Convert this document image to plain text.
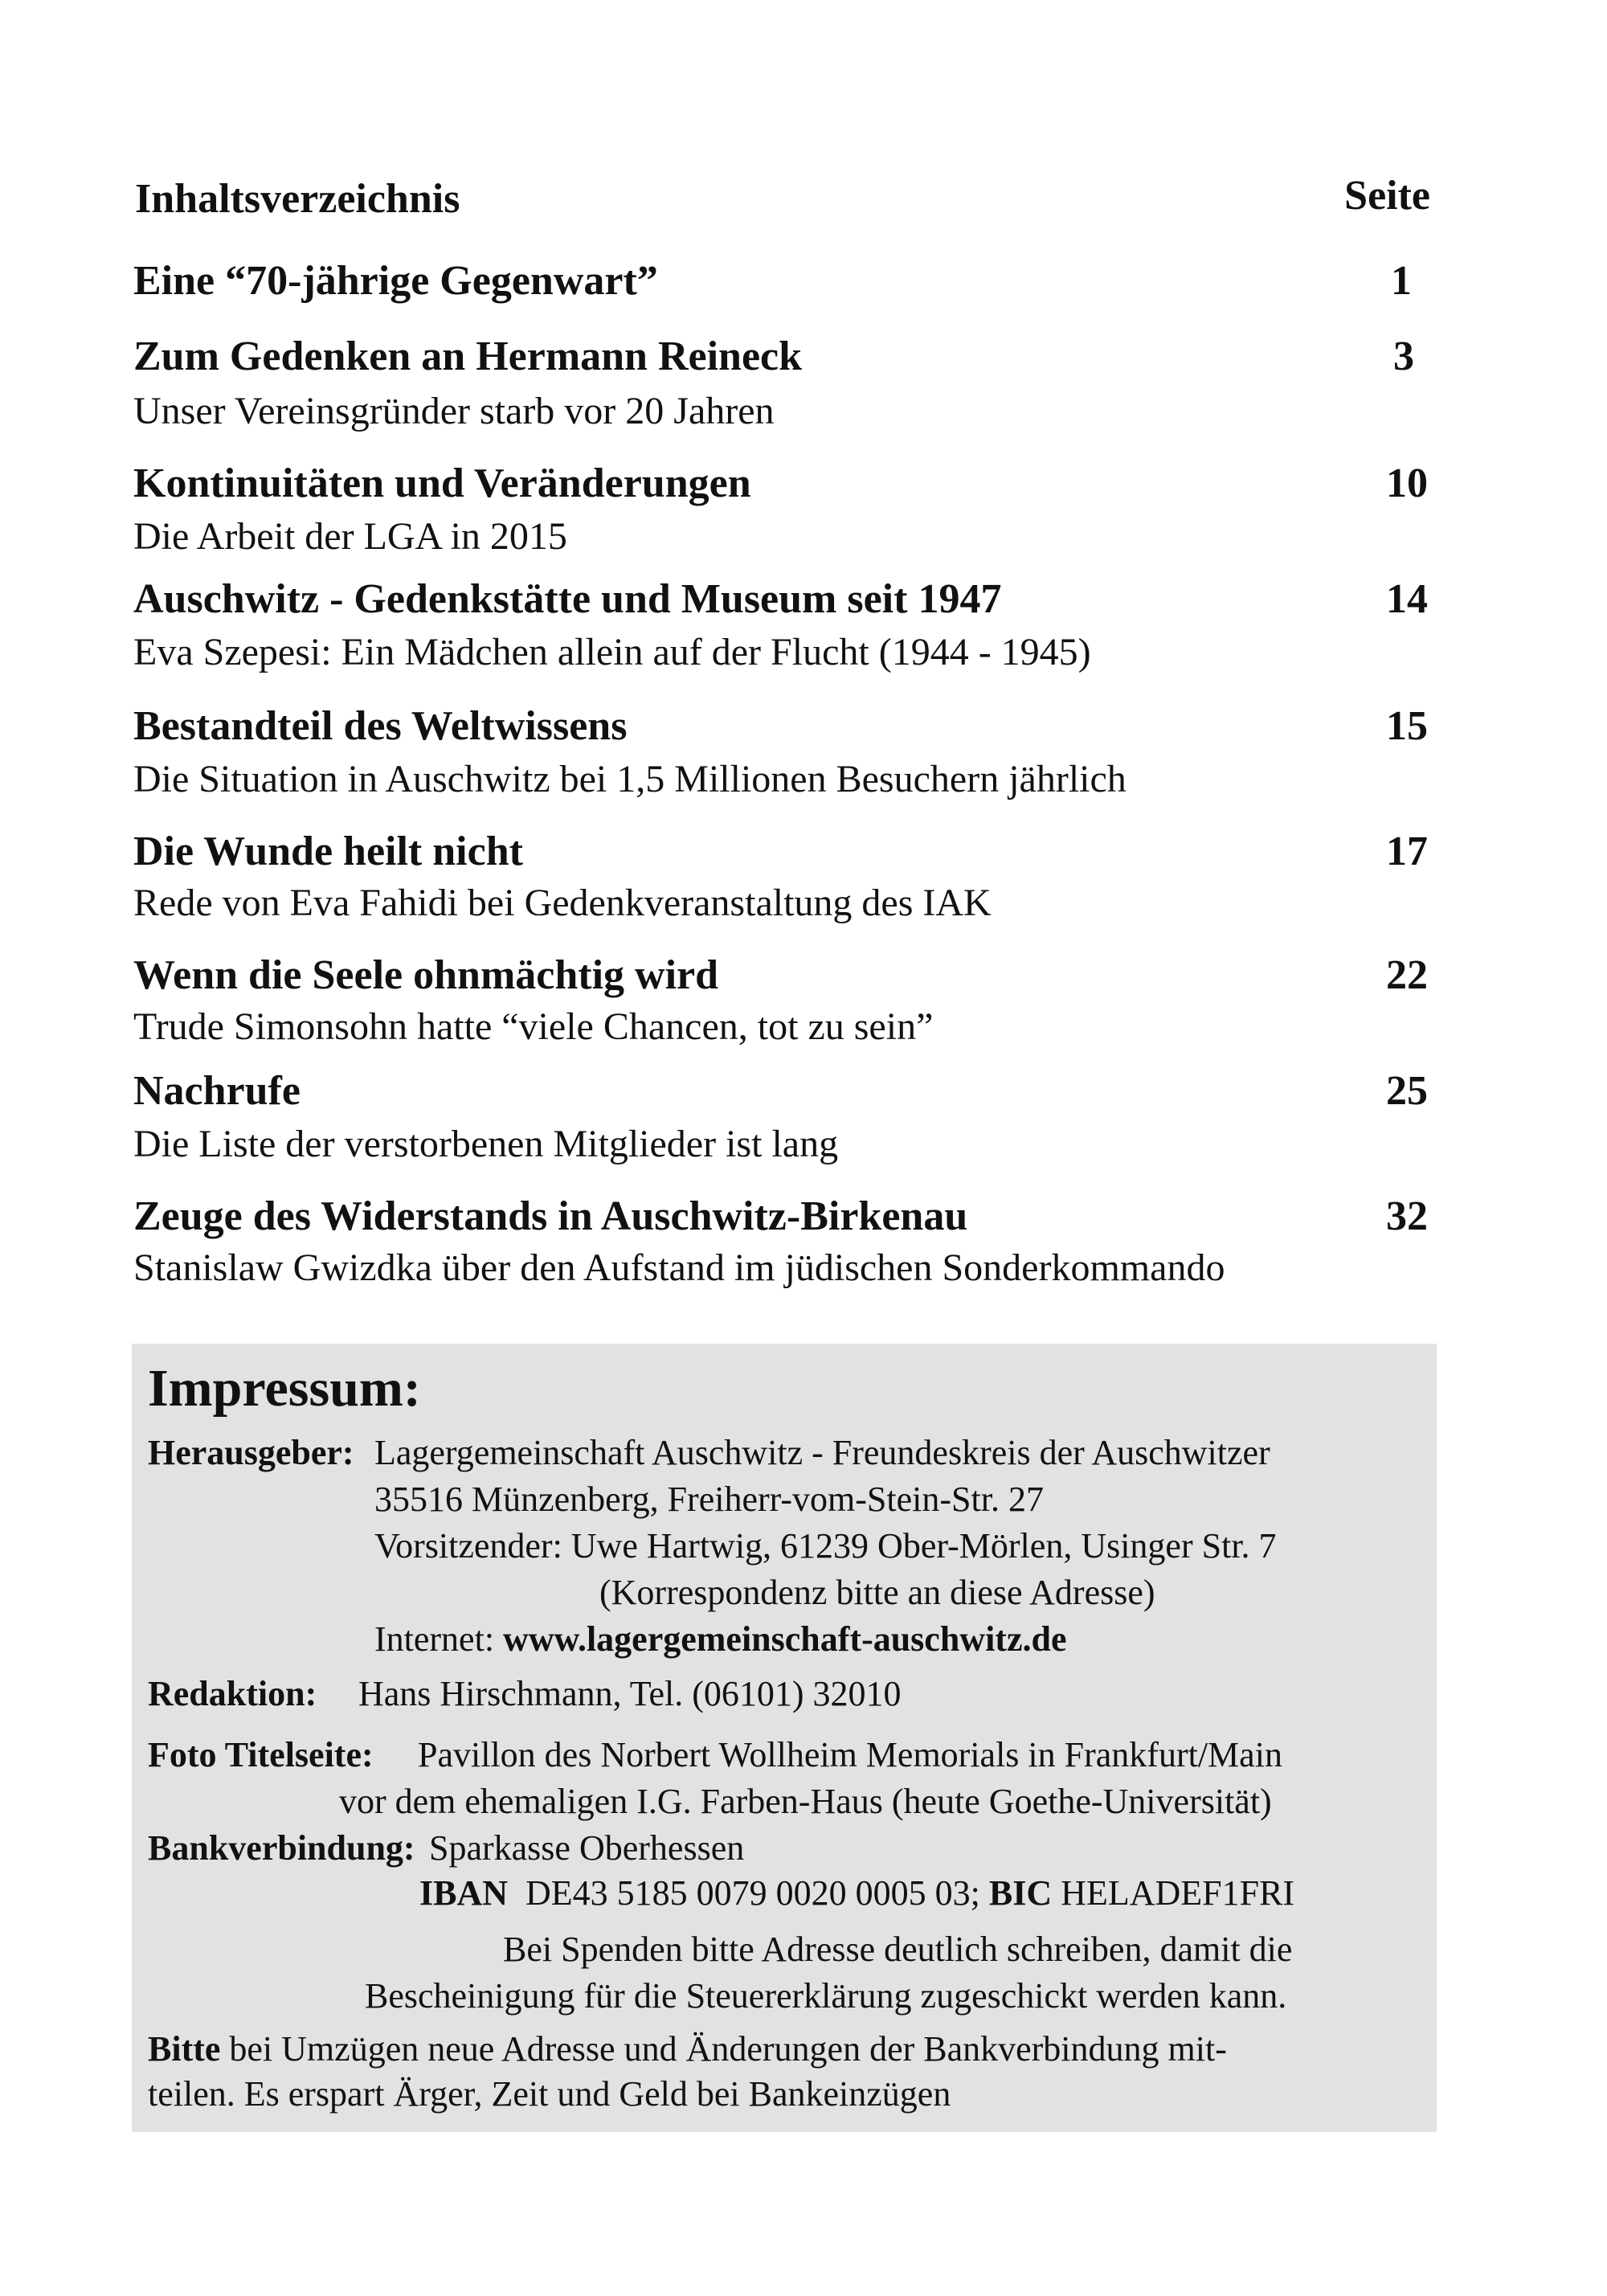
Inhaltsverzeichnis	Seite
Eine “70-jährige Gegenwart”	1
Zum Gedenken an Hermann Reineck	3
Unser Vereinsgründer starb vor 20 Jahren
Kontinuitäten und Veränderungen	10
Die Arbeit der LGA in 2015
Auschwitz - Gedenkstätte und Museum seit 1947	14
Eva Szepesi: Ein Mädchen allein auf der Flucht (1944 - 1945)
Bestandteil des Weltwissens	15
Die Situation in Auschwitz bei 1,5 Millionen Besuchern jährlich
Die Wunde heilt nicht	17
Rede von Eva Fahidi bei Gedenkveranstaltung des IAK
Wenn die Seele ohnmächtig wird	22
Trude Simonsohn hatte “viele Chancen, tot zu sein”
Nachrufe	25
Die Liste der verstorbenen Mitglieder ist lang
Zeuge des Widerstands in Auschwitz-Birkenau	32
Stanislaw Gwizdka über den Aufstand im jüdischen Sonderkommando
Impressum:
Herausgeber: Lagergemeinschaft Auschwitz - Freundeskreis der Auschwitzer
35516 Münzenberg, Freiherr-vom-Stein-Str. 27
Vorsitzender: Uwe Hartwig, 61239 Ober-Mörlen, Usinger Str. 7
(Korrespondenz bitte an diese Adresse)
Internet: www.lagergemeinschaft-auschwitz.de
Redaktion: Hans Hirschmann, Tel. (06101) 32010
Foto Titelseite: Pavillon des Norbert Wollheim Memorials in Frankfurt/Main
vor dem ehemaligen I.G. Farben-Haus (heute Goethe-Universität)
Bankverbindung: Sparkasse Oberhessen
IBAN DE43 5185 0079 0020 0005 03; BIC HELADEF1FRI
Bei Spenden bitte Adresse deutlich schreiben, damit die
Bescheinigung für die Steuererklärung zugeschickt werden kann.
Bitte bei Umzügen neue Adresse und Änderungen der Bankverbindung mit-
teilen. Es erspart Ärger, Zeit und Geld bei Bankeinzügen
